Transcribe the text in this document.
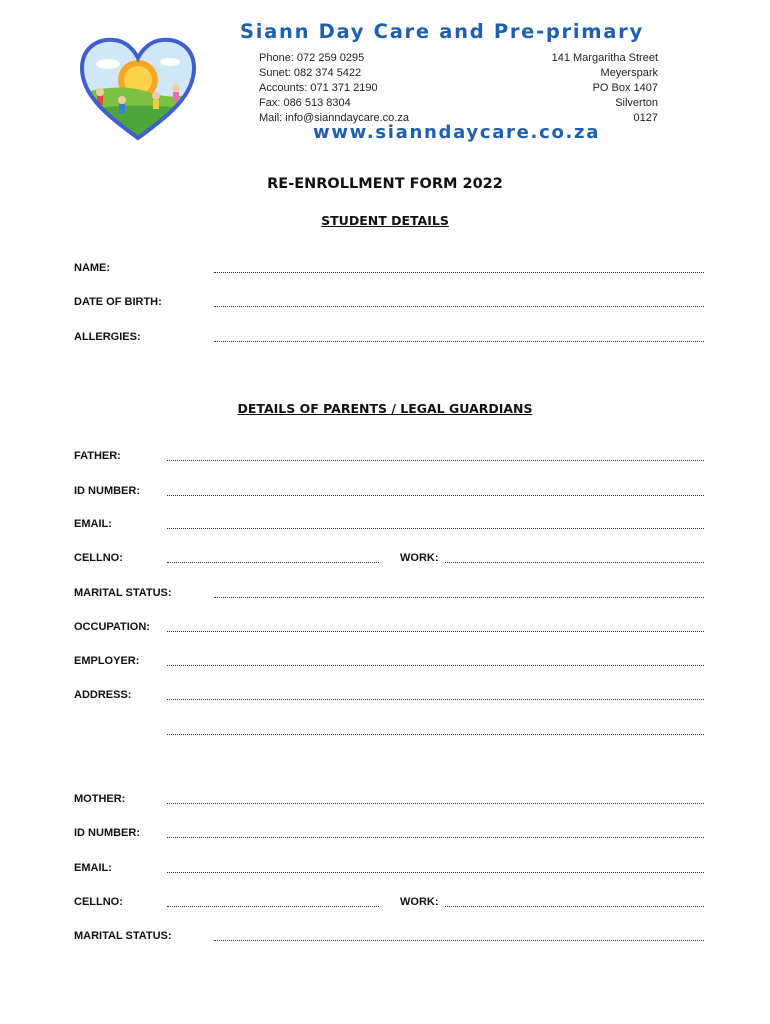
Siann Day Care and Pre-primary
Phone: 072 259 0295
Sunet: 082 374 5422
Accounts: 071 371 2190
Fax: 086 513 8304
Mail: info@sianndaycare.co.za
141 Margaritha Street
Meyerspark
PO Box 1407
Silverton
0127
www.sianndaycare.co.za
RE-ENROLLMENT FORM 2022
STUDENT DETAILS
NAME:
DATE OF BIRTH:
ALLERGIES:
DETAILS OF PARENTS / LEGAL GUARDIANS
FATHER:
ID NUMBER:
EMAIL:
CELLNO:	WORK:
MARITAL STATUS:
OCCUPATION:
EMPLOYER:
ADDRESS:
MOTHER:
ID NUMBER:
EMAIL:
CELLNO:	WORK:
MARITAL STATUS:
